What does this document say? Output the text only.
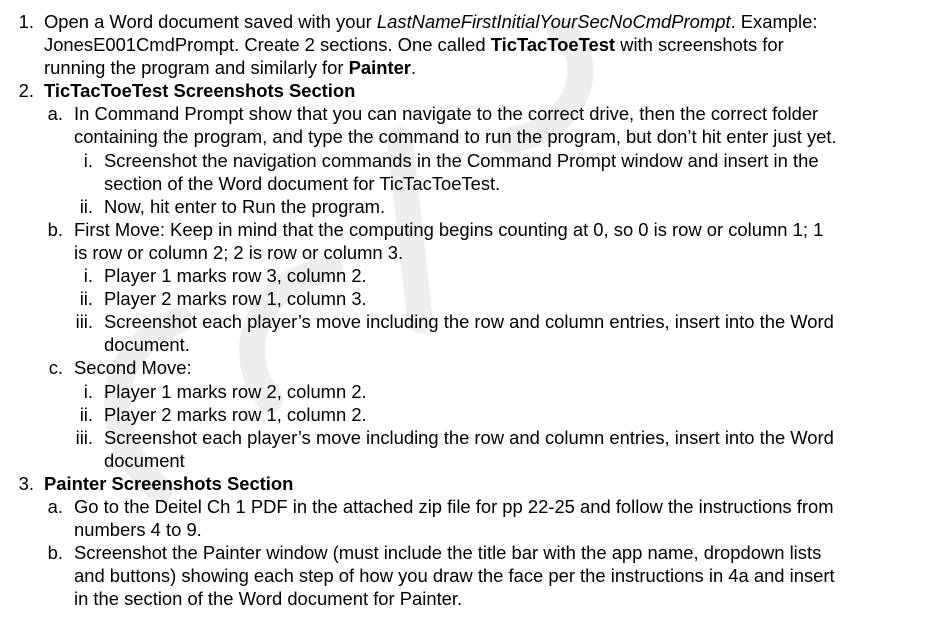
1. Open a Word document saved with your LastNameFirstInitialYourSecNoCmdPrompt. Example:
JonesE001CmdPrompt. Create 2 sections. One called TicTacToeTest with screenshots for
running the program and similarly for Painter.
2. TicTacToeTest Screenshots Section
a. In Command Prompt show that you can navigate to the correct drive, then the correct folder
containing the program, and type the command to run the program, but don’t hit enter just yet.
i. Screenshot the navigation commands in the Command Prompt window and insert in the
section of the Word document for TicTacToeTest.
ii. Now, hit enter to Run the program.
b. First Move: Keep in mind that the computing begins counting at 0, so 0 is row or column 1; 1
is row or column 2; 2 is row or column 3.
i. Player 1 marks row 3, column 2.
ii. Player 2 marks row 1, column 3.
iii. Screenshot each player’s move including the row and column entries, insert into the Word
document.
c. Second Move:
i. Player 1 marks row 2, column 2.
ii. Player 2 marks row 1, column 2.
iii. Screenshot each player’s move including the row and column entries, insert into the Word
document
3. Painter Screenshots Section
a. Go to the Deitel Ch 1 PDF in the attached zip file for pp 22-25 and follow the instructions from
numbers 4 to 9.
b. Screenshot the Painter window (must include the title bar with the app name, dropdown lists
and buttons) showing each step of how you draw the face per the instructions in 4a and insert
in the section of the Word document for Painter.
